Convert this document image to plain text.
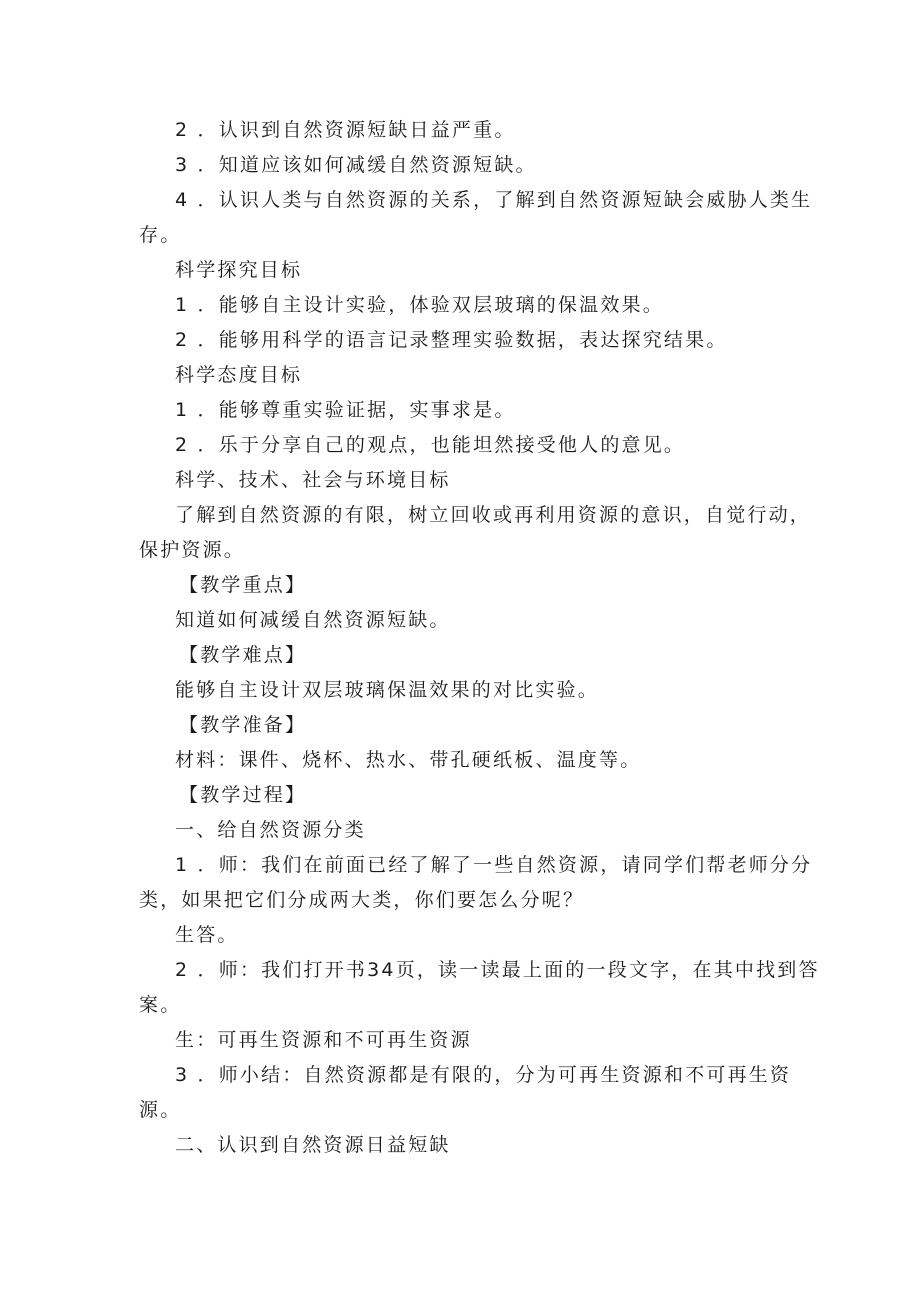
2 ．认识到自然资源短缺日益严重。
3 ．知道应该如何减缓自然资源短缺。
4 ．认识人类与自然资源的关系，了解到自然资源短缺会威胁人类生
存。
科学探究目标
1 ．能够自主设计实验，体验双层玻璃的保温效果。
2 ．能够用科学的语言记录整理实验数据，表达探究结果。
科学态度目标
1 ．能够尊重实验证据，实事求是。
2 ．乐于分享自己的观点，也能坦然接受他人的意见。
科学、技术、社会与环境目标
了解到自然资源的有限，树立回收或再利用资源的意识，自觉行动，
保护资源。
【教学重点】
知道如何减缓自然资源短缺。
【教学难点】
能够自主设计双层玻璃保温效果的对比实验。
【教学准备】
材料：课件、烧杯、热水、带孔硬纸板、温度等。
【教学过程】
一、给自然资源分类
1 ．师：我们在前面已经了解了一些自然资源，请同学们帮老师分分
类，如果把它们分成两大类，你们要怎么分呢？
生答。
2 ．师：我们打开书34页，读一读最上面的一段文字，在其中找到答
案。
生：可再生资源和不可再生资源
3 ．师小结：自然资源都是有限的，分为可再生资源和不可再生资
源。
二、认识到自然资源日益短缺
